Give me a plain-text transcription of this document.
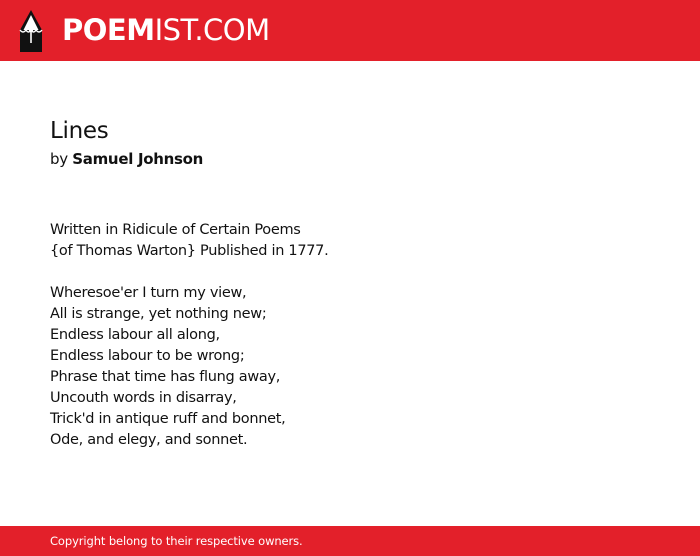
POEMIST.COM
Lines
by Samuel Johnson
Written in Ridicule of Certain Poems
{of Thomas Warton} Published in 1777.
Wheresoe'er I turn my view,
All is strange, yet nothing new;
Endless labour all along,
Endless labour to be wrong;
Phrase that time has flung away,
Uncouth words in disarray,
Trick'd in antique ruff and bonnet,
Ode, and elegy, and sonnet.
Copyright belong to their respective owners.
